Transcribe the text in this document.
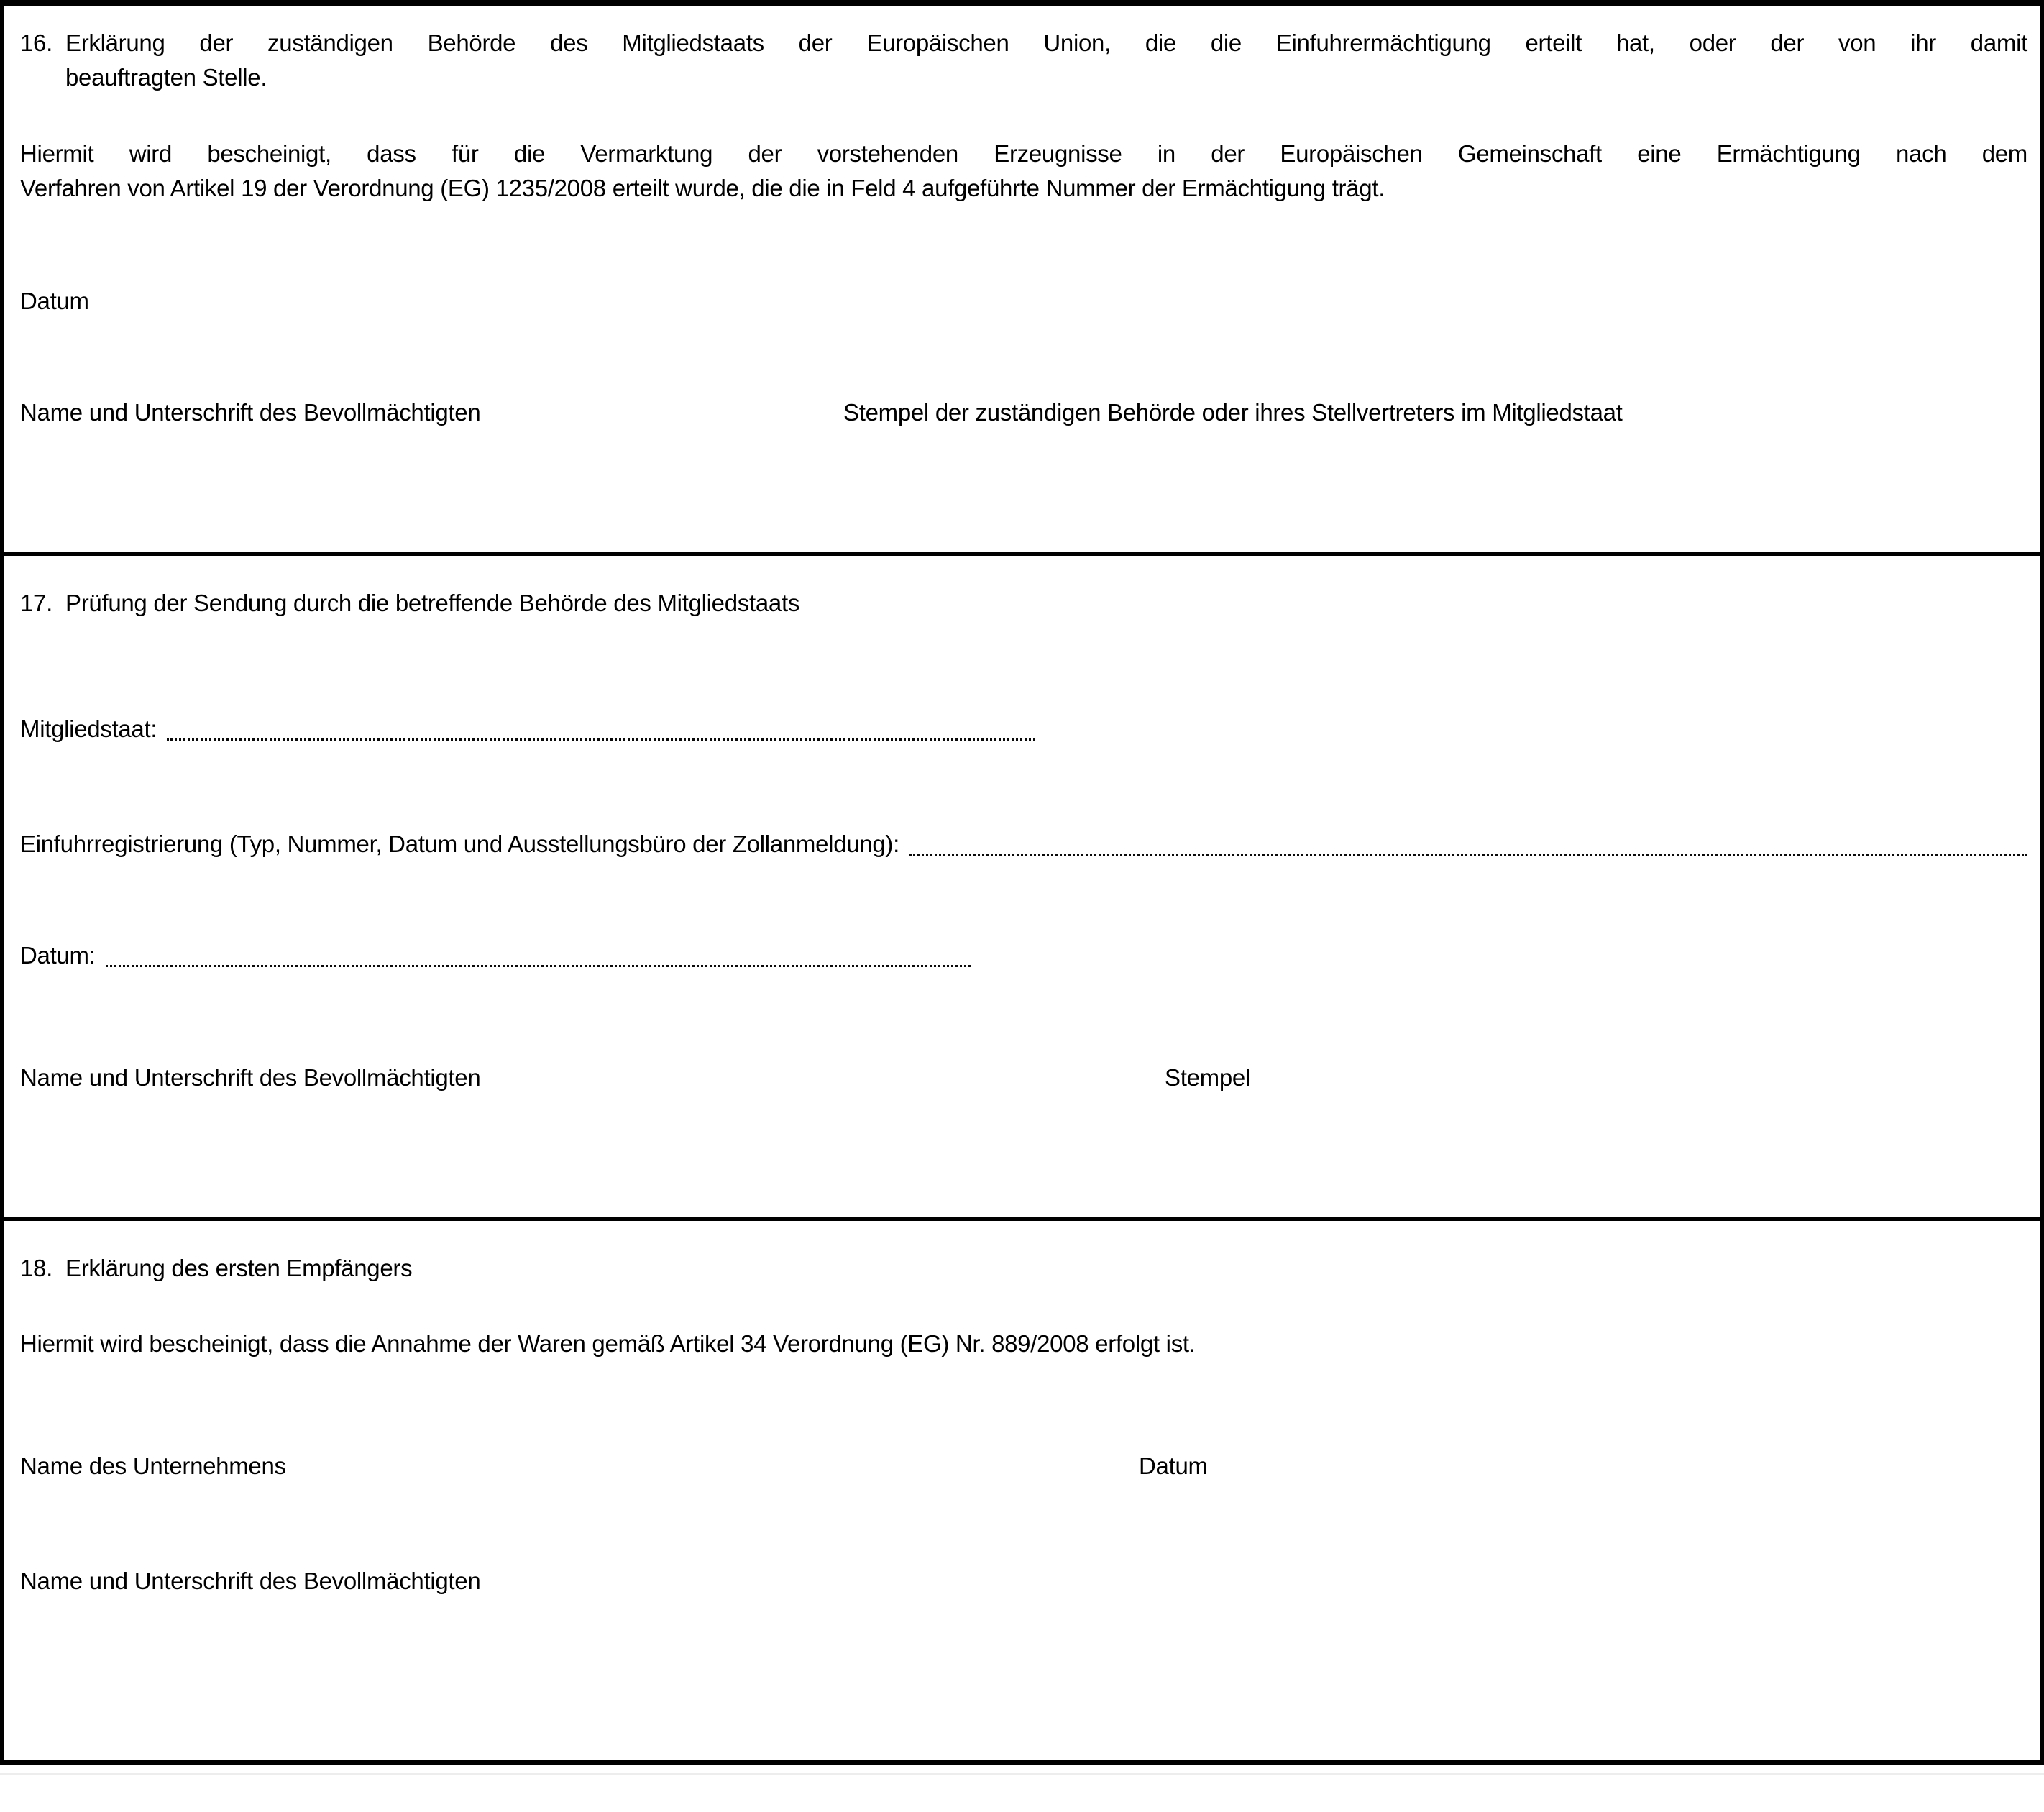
16. Erklärung der zuständigen Behörde des Mitgliedstaats der Europäischen Union, die die Einfuhrermächtigung erteilt hat, oder der von ihr damit
beauftragten Stelle.
Hiermit wird bescheinigt, dass für die Vermarktung der vorstehenden Erzeugnisse in der Europäischen Gemeinschaft eine Ermächtigung nach dem
Verfahren von Artikel 19 der Verordnung (EG) 1235/2008 erteilt wurde, die die in Feld 4 aufgeführte Nummer der Ermächtigung trägt.
Datum
Name und Unterschrift des Bevollmächtigten	Stempel der zuständigen Behörde oder ihres Stellvertreters im Mitgliedstaat
17. Prüfung der Sendung durch die betreffende Behörde des Mitgliedstaats
Mitgliedstaat:
Einfuhrregistrierung (Typ, Nummer, Datum und Ausstellungsbüro der Zollanmeldung):
Datum:
Name und Unterschrift des Bevollmächtigten	Stempel
18. Erklärung des ersten Empfängers
Hiermit wird bescheinigt, dass die Annahme der Waren gemäß Artikel 34 Verordnung (EG) Nr. 889/2008 erfolgt ist.
Name des Unternehmens	Datum
Name und Unterschrift des Bevollmächtigten
